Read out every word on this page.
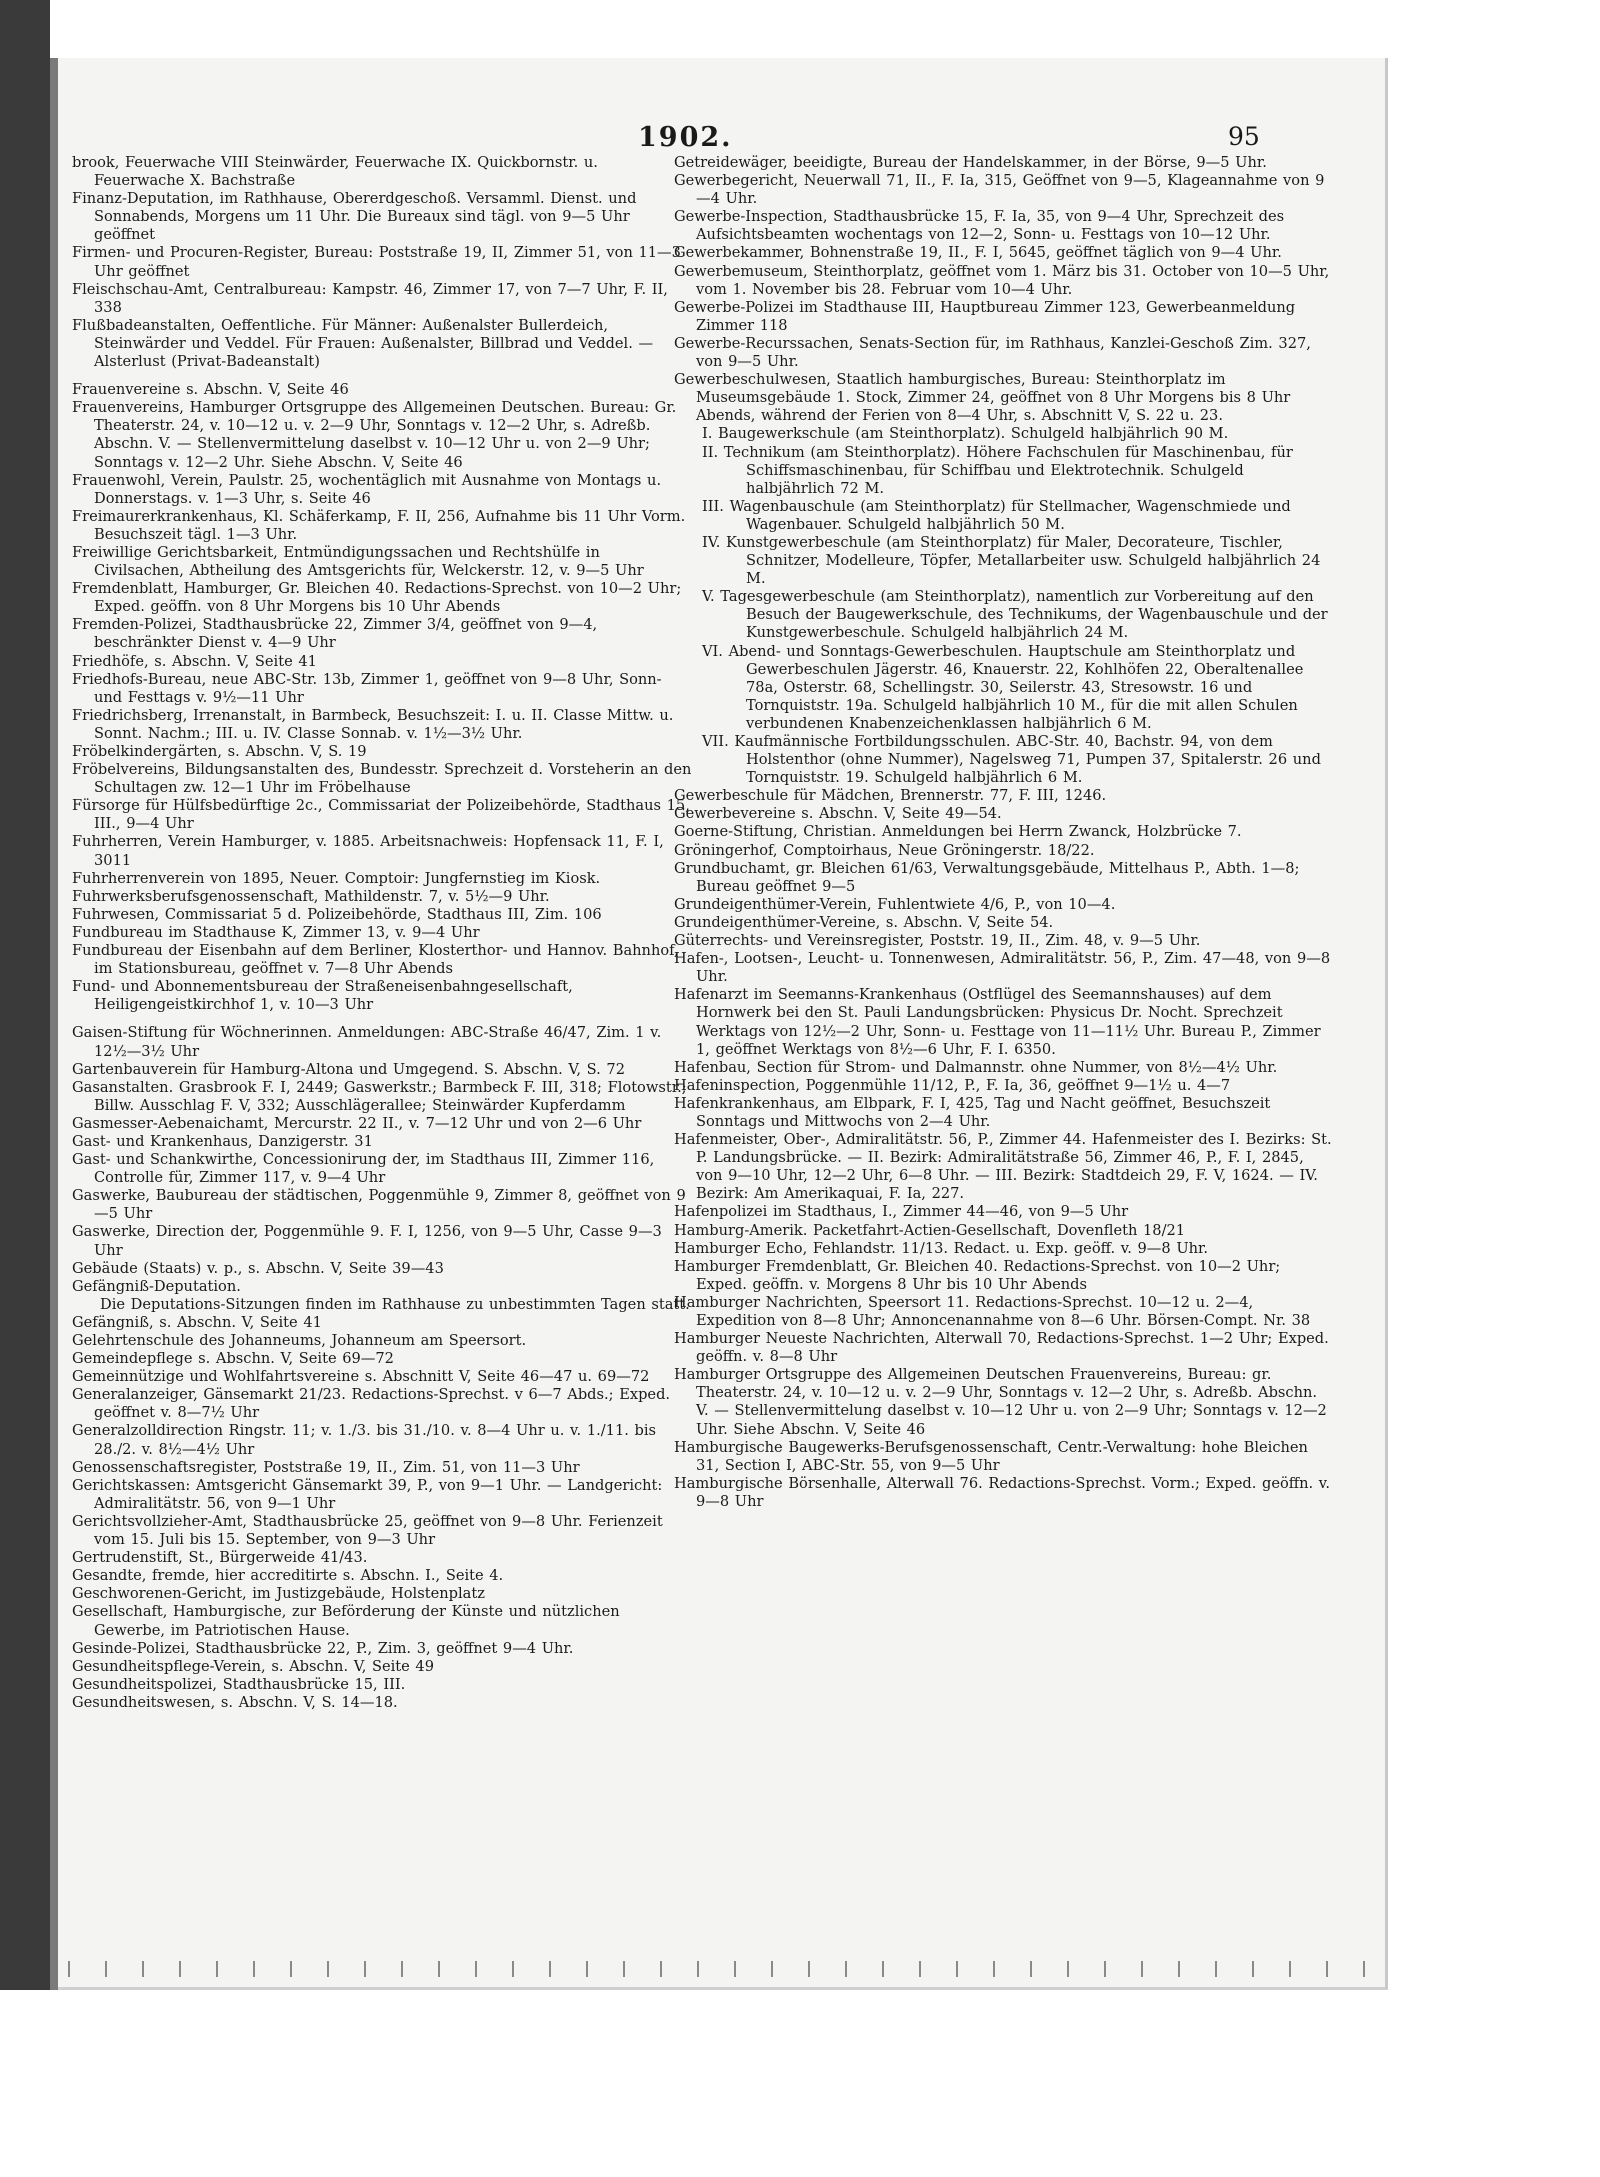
1902.	95
brook, Feuerwache VIII Steinwärder, Feuerwache IX. Quickbornstr. u. Feuerwache X. Bachstraße
Finanz-Deputation, im Rathhause, Obererdgeschoß. Versamml. Dienst. und Sonnabends, Morgens um 11 Uhr. Die Bureaux sind tägl. von 9—5 Uhr geöffnet
Firmen- und Procuren-Register, Bureau: Poststraße 19, II, Zimmer 51, von 11—3 Uhr geöffnet
Fleischschau-Amt, Centralbureau: Kampstr. 46, Zimmer 17, von 7—7 Uhr, F. II, 338
Flußbadeanstalten, Oeffentliche. Für Männer: Außenalster Bullerdeich, Steinwärder und Veddel. Für Frauen: Außenalster, Billbrad und Veddel. — Alsterlust (Privat-Badeanstalt)
Frauenvereine s. Abschn. V, Seite 46
Frauenvereins, Hamburger Ortsgruppe des Allgemeinen Deutschen. Bureau: Gr. Theaterstr. 24, v. 10—12 u. v. 2—9 Uhr, Sonntags v. 12—2 Uhr, s. Adreßb. Abschn. V. — Stellenvermittelung daselbst v. 10—12 Uhr u. von 2—9 Uhr; Sonntags v. 12—2 Uhr. Siehe Abschn. V, Seite 46
Frauenwohl, Verein, Paulstr. 25, wochentäglich mit Ausnahme von Montags u. Donnerstags. v. 1—3 Uhr, s. Seite 46
Freimaurerkrankenhaus, Kl. Schäferkamp, F. II, 256, Aufnahme bis 11 Uhr Vorm. Besuchszeit tägl. 1—3 Uhr.
Freiwillige Gerichtsbarkeit, Entmündigungssachen und Rechtshülfe in Civilsachen, Abtheilung des Amtsgerichts für, Welckerstr. 12, v. 9—5 Uhr
Fremdenblatt, Hamburger, Gr. Bleichen 40. Redactions-Sprechst. von 10—2 Uhr; Exped. geöffn. von 8 Uhr Morgens bis 10 Uhr Abends
Fremden-Polizei, Stadthausbrücke 22, Zimmer 3/4, geöffnet von 9—4, beschränkter Dienst v. 4—9 Uhr
Friedhöfe, s. Abschn. V, Seite 41
Friedhofs-Bureau, neue ABC-Str. 13b, Zimmer 1, geöffnet von 9—8 Uhr, Sonn- und Festtags v. 9½—11 Uhr
Friedrichsberg, Irrenanstalt, in Barmbeck, Besuchszeit: I. u. II. Classe Mittw. u. Sonnt. Nachm.; III. u. IV. Classe Sonnab. v. 1½—3½ Uhr.
Fröbelkindergärten, s. Abschn. V, S. 19
Fröbelvereins, Bildungsanstalten des, Bundesstr. Sprechzeit d. Vorsteherin an den Schultagen zw. 12—1 Uhr im Fröbelhause
Fürsorge für Hülfsbedürftige 2c., Commissariat der Polizeibehörde, Stadthaus 15, III., 9—4 Uhr
Fuhrherren, Verein Hamburger, v. 1885. Arbeitsnachweis: Hopfensack 11, F. I, 3011
Fuhrherrenverein von 1895, Neuer. Comptoir: Jungfernstieg im Kiosk.
Fuhrwerksberufsgenossenschaft, Mathildenstr. 7, v. 5½—9 Uhr.
Fuhrwesen, Commissariat 5 d. Polizeibehörde, Stadthaus III, Zim. 106
Fundbureau im Stadthause K, Zimmer 13, v. 9—4 Uhr
Fundbureau der Eisenbahn auf dem Berliner, Klosterthor- und Hannov. Bahnhof, im Stationsbureau, geöffnet v. 7—8 Uhr Abends
Fund- und Abonnementsbureau der Straßeneisenbahngesellschaft, Heiligengeistkirchhof 1, v. 10—3 Uhr
Gaisen-Stiftung für Wöchnerinnen. Anmeldungen: ABC-Straße 46/47, Zim. 1 v. 12½—3½ Uhr
Gartenbauverein für Hamburg-Altona und Umgegend. S. Abschn. V, S. 72
Gasanstalten. Grasbrook F. I, 2449; Gaswerkstr.; Barmbeck F. III, 318; Flotowstr.; Billw. Ausschlag F. V, 332; Ausschlägerallee; Steinwärder Kupferdamm
Gasmesser-Aebenaichamt, Mercurstr. 22 II., v. 7—12 Uhr und von 2—6 Uhr
Gast- und Krankenhaus, Danzigerstr. 31
Gast- und Schankwirthe, Concessionirung der, im Stadthaus III, Zimmer 116, Controlle für, Zimmer 117, v. 9—4 Uhr
Gaswerke, Baubureau der städtischen, Poggenmühle 9, Zimmer 8, geöffnet von 9—5 Uhr
Gaswerke, Direction der, Poggenmühle 9. F. I, 1256, von 9—5 Uhr, Casse 9—3 Uhr
Gebäude (Staats) v. p., s. Abschn. V, Seite 39—43
Gefängniß-Deputation.
Die Deputations-Sitzungen finden im Rathhause zu unbestimmten Tagen statt.
Gefängniß, s. Abschn. V, Seite 41
Gelehrtenschule des Johanneums, Johanneum am Speersort.
Gemeindepflege s. Abschn. V, Seite 69—72
Gemeinnützige und Wohlfahrtsvereine s. Abschnitt V, Seite 46—47 u. 69—72
Generalanzeiger, Gänsemarkt 21/23. Redactions-Sprechst. v 6—7 Abds.; Exped. geöffnet v. 8—7½ Uhr
Generalzolldirection Ringstr. 11; v. 1./3. bis 31./10. v. 8—4 Uhr u. v. 1./11. bis 28./2. v. 8½—4½ Uhr
Genossenschaftsregister, Poststraße 19, II., Zim. 51, von 11—3 Uhr
Gerichtskassen: Amtsgericht Gänsemarkt 39, P., von 9—1 Uhr. — Landgericht: Admiralitätstr. 56, von 9—1 Uhr
Gerichtsvollzieher-Amt, Stadthausbrücke 25, geöffnet von 9—8 Uhr. Ferienzeit vom 15. Juli bis 15. September, von 9—3 Uhr
Gertrudenstift, St., Bürgerweide 41/43.
Gesandte, fremde, hier accreditirte s. Abschn. I., Seite 4.
Geschworenen-Gericht, im Justizgebäude, Holstenplatz
Gesellschaft, Hamburgische, zur Beförderung der Künste und nützlichen Gewerbe, im Patriotischen Hause.
Gesinde-Polizei, Stadthausbrücke 22, P., Zim. 3, geöffnet 9—4 Uhr.
Gesundheitspflege-Verein, s. Abschn. V, Seite 49
Gesundheitspolizei, Stadthausbrücke 15, III.
Gesundheitswesen, s. Abschn. V, S. 14—18.
Getreidewäger, beeidigte, Bureau der Handelskammer, in der Börse, 9—5 Uhr.
Gewerbegericht, Neuerwall 71, II., F. Ia, 315, Geöffnet von 9—5, Klageannahme von 9—4 Uhr.
Gewerbe-Inspection, Stadthausbrücke 15, F. Ia, 35, von 9—4 Uhr, Sprechzeit des Aufsichtsbeamten wochentags von 12—2, Sonn- u. Festtags von 10—12 Uhr.
Gewerbekammer, Bohnenstraße 19, II., F. I, 5645, geöffnet täglich von 9—4 Uhr.
Gewerbemuseum, Steinthorplatz, geöffnet vom 1. März bis 31. October von 10—5 Uhr, vom 1. November bis 28. Februar vom 10—4 Uhr.
Gewerbe-Polizei im Stadthause III, Hauptbureau Zimmer 123, Gewerbeanmeldung Zimmer 118
Gewerbe-Recurssachen, Senats-Section für, im Rathhaus, Kanzlei-Geschoß Zim. 327, von 9—5 Uhr.
Gewerbeschulwesen, Staatlich hamburgisches, Bureau: Steinthorplatz im Museumsgebäude 1. Stock, Zimmer 24, geöffnet von 8 Uhr Morgens bis 8 Uhr Abends, während der Ferien von 8—4 Uhr, s. Abschnitt V, S. 22 u. 23.
I. Baugewerkschule (am Steinthorplatz). Schulgeld halbjährlich 90 M.
II. Technikum (am Steinthorplatz). Höhere Fachschulen für Maschinenbau, für Schiffsmaschinenbau, für Schiffbau und Elektrotechnik. Schulgeld halbjährlich 72 M.
III. Wagenbauschule (am Steinthorplatz) für Stellmacher, Wagenschmiede und Wagenbauer. Schulgeld halbjährlich 50 M.
IV. Kunstgewerbeschule (am Steinthorplatz) für Maler, Decorateure, Tischler, Schnitzer, Modelleure, Töpfer, Metallarbeiter usw. Schulgeld halbjährlich 24 M.
V. Tagesgewerbeschule (am Steinthorplatz), namentlich zur Vorbereitung auf den Besuch der Baugewerkschule, des Technikums, der Wagenbauschule und der Kunstgewerbeschule. Schulgeld halbjährlich 24 M.
VI. Abend- und Sonntags-Gewerbeschulen. Hauptschule am Steinthorplatz und Gewerbeschulen Jägerstr. 46, Knauerstr. 22, Kohlhöfen 22, Oberaltenallee 78a, Osterstr. 68, Schellingstr. 30, Seilerstr. 43, Stresowstr. 16 und Tornquiststr. 19a. Schulgeld halbjährlich 10 M., für die mit allen Schulen verbundenen Knabenzeichenklassen halbjährlich 6 M.
VII. Kaufmännische Fortbildungsschulen. ABC-Str. 40, Bachstr. 94, von dem Holstenthor (ohne Nummer), Nagelsweg 71, Pumpen 37, Spitalerstr. 26 und Tornquiststr. 19. Schulgeld halbjährlich 6 M.
Gewerbeschule für Mädchen, Brennerstr. 77, F. III, 1246.
Gewerbevereine s. Abschn. V, Seite 49—54.
Goerne-Stiftung, Christian. Anmeldungen bei Herrn Zwanck, Holzbrücke 7.
Gröningerhof, Comptoirhaus, Neue Gröningerstr. 18/22.
Grundbuchamt, gr. Bleichen 61/63, Verwaltungsgebäude, Mittelhaus P., Abth. 1—8; Bureau geöffnet 9—5
Grundeigenthümer-Verein, Fuhlentwiete 4/6, P., von 10—4.
Grundeigenthümer-Vereine, s. Abschn. V, Seite 54.
Güterrechts- und Vereinsregister, Poststr. 19, II., Zim. 48, v. 9—5 Uhr.
Hafen-, Lootsen-, Leucht- u. Tonnenwesen, Admiralitätstr. 56, P., Zim. 47—48, von 9—8 Uhr.
Hafenarzt im Seemanns-Krankenhaus (Ostflügel des Seemannshauses) auf dem Hornwerk bei den St. Pauli Landungsbrücken: Physicus Dr. Nocht. Sprechzeit Werktags von 12½—2 Uhr, Sonn- u. Festtage von 11—11½ Uhr. Bureau P., Zimmer 1, geöffnet Werktags von 8½—6 Uhr, F. I. 6350.
Hafenbau, Section für Strom- und Dalmannstr. ohne Nummer, von 8½—4½ Uhr.
Hafeninspection, Poggenmühle 11/12, P., F. Ia, 36, geöffnet 9—1½ u. 4—7
Hafenkrankenhaus, am Elbpark, F. I, 425, Tag und Nacht geöffnet, Besuchszeit Sonntags und Mittwochs von 2—4 Uhr.
Hafenmeister, Ober-, Admiralitätstr. 56, P., Zimmer 44. Hafenmeister des I. Bezirks: St. P. Landungsbrücke. — II. Bezirk: Admiralitätstraße 56, Zimmer 46, P., F. I, 2845, von 9—10 Uhr, 12—2 Uhr, 6—8 Uhr. — III. Bezirk: Stadtdeich 29, F. V, 1624. — IV. Bezirk: Am Amerikaquai, F. Ia, 227.
Hafenpolizei im Stadthaus, I., Zimmer 44—46, von 9—5 Uhr
Hamburg-Amerik. Packetfahrt-Actien-Gesellschaft, Dovenfleth 18/21
Hamburger Echo, Fehlandstr. 11/13. Redact. u. Exp. geöff. v. 9—8 Uhr.
Hamburger Fremdenblatt, Gr. Bleichen 40. Redactions-Sprechst. von 10—2 Uhr; Exped. geöffn. v. Morgens 8 Uhr bis 10 Uhr Abends
Hamburger Nachrichten, Speersort 11. Redactions-Sprechst. 10—12 u. 2—4, Expedition von 8—8 Uhr; Annoncenannahme von 8—6 Uhr. Börsen-Compt. Nr. 38
Hamburger Neueste Nachrichten, Alterwall 70, Redactions-Sprechst. 1—2 Uhr; Exped. geöffn. v. 8—8 Uhr
Hamburger Ortsgruppe des Allgemeinen Deutschen Frauenvereins, Bureau: gr. Theaterstr. 24, v. 10—12 u. v. 2—9 Uhr, Sonntags v. 12—2 Uhr, s. Adreßb. Abschn. V. — Stellenvermittelung daselbst v. 10—12 Uhr u. von 2—9 Uhr; Sonntags v. 12—2 Uhr. Siehe Abschn. V, Seite 46
Hamburgische Baugewerks-Berufsgenossenschaft, Centr.-Verwaltung: hohe Bleichen 31, Section I, ABC-Str. 55, von 9—5 Uhr
Hamburgische Börsenhalle, Alterwall 76. Redactions-Sprechst. Vorm.; Exped. geöffn. v. 9—8 Uhr
